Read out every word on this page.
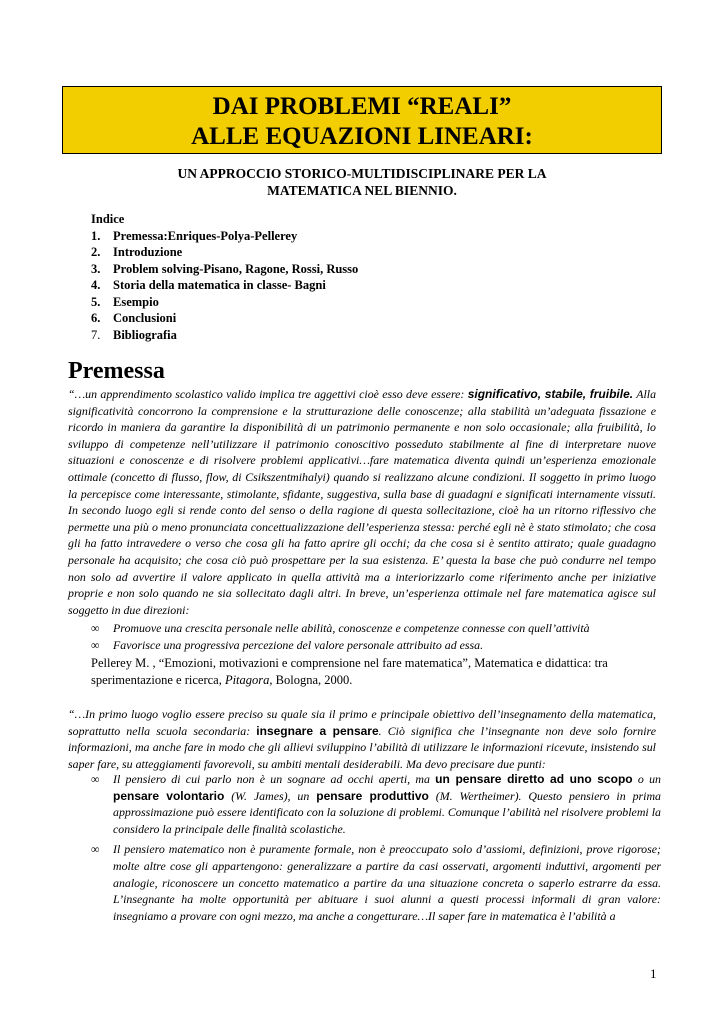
DAI PROBLEMI “REALI”
ALLE EQUAZIONI LINEARI:
UN APPROCCIO STORICO-MULTIDISCIPLINARE PER LA
MATEMATICA NEL BIENNIO.
Indice
1.	Premessa:Enriques-Polya-Pellerey
2.	Introduzione
3.	Problem solving-Pisano, Ragone, Rossi, Russo
4.	Storia della matematica in classe- Bagni
5.	Esempio
6.	Conclusioni
7.	Bibliografia
Premessa
“…un apprendimento scolastico valido implica tre aggettivi cioè esso deve essere: significativo, stabile, fruibile. Alla significatività concorrono la comprensione e la strutturazione delle conoscenze; alla stabilità un’adeguata fissazione e ricordo in maniera da garantire la disponibilità di un patrimonio permanente e non solo occasionale; alla fruibilità, lo sviluppo di competenze nell’utilizzare il patrimonio conoscitivo posseduto stabilmente al fine di interpretare nuove situazioni e conoscenze e di risolvere problemi applicativi…fare matematica diventa quindi un’esperienza emozionale ottimale (concetto di flusso, flow, di Csikszentmihalyi) quando si realizzano alcune condizioni. Il soggetto in primo luogo la percepisce come interessante, stimolante, sfidante, suggestiva, sulla base di guadagni e significati internamente vissuti. In secondo luogo egli si rende conto del senso o della ragione di questa sollecitazione, cioè ha un ritorno riflessivo che permette una più o meno pronunciata concettualizzazione dell’esperienza stessa: perché egli nè è stato stimolato; che cosa gli ha fatto intravedere o verso che cosa gli ha fatto aprire gli occhi; da che cosa si è sentito attirato; quale guadagno personale ha acquisito; che cosa ciò può prospettare per la sua esistenza. E’ questa la base che può condurre nel tempo non solo ad avvertire il valore applicato in quella attività ma a interiorizzarlo come riferimento anche per iniziative proprie e non solo quando ne sia sollecitato dagli altri. In breve, un’esperienza ottimale nel fare matematica agisce sul soggetto in due direzioni:
∞	Promuove una crescita personale nelle abilità, conoscenze e competenze connesse con quell’attività
∞	Favorisce una progressiva percezione del valore personale attribuito ad essa.
Pellerey M. , “Emozioni, motivazioni e comprensione nel fare matematica”, Matematica e didattica: tra sperimentazione e ricerca, Pitagora, Bologna, 2000.
“…In primo luogo voglio essere preciso su quale sia il primo e principale obiettivo dell’insegnamento della matematica, soprattutto nella scuola secondaria: insegnare a pensare. Ciò significa che l’insegnante non deve solo fornire informazioni, ma anche fare in modo che gli allievi sviluppino l’abilità di utilizzare le informazioni ricevute, insistendo sul saper fare, su atteggiamenti favorevoli, su ambiti mentali desiderabili. Ma devo precisare due punti:
∞	Il pensiero di cui parlo non è un sognare ad occhi aperti, ma un pensare diretto ad uno scopo o un pensare volontario (W. James), un pensare produttivo (M. Wertheimer). Questo pensiero in prima approssimazione può essere identificato con la soluzione di problemi. Comunque l’abilità nel risolvere problemi la considero la principale delle finalità scolastiche.
∞	Il pensiero matematico non è puramente formale, non è preoccupato solo d’assiomi, definizioni, prove rigorose; molte altre cose gli appartengono: generalizzare a partire da casi osservati, argomenti induttivi, argomenti per analogie, riconoscere un concetto matematico a partire da una situazione concreta o saperlo estrarre da essa. L’insegnante ha molte opportunità per abituare i suoi alunni a questi processi informali di gran valore: insegniamo a provare con ogni mezzo, ma anche a congetturare…Il saper fare in matematica è l’abilità a
1
